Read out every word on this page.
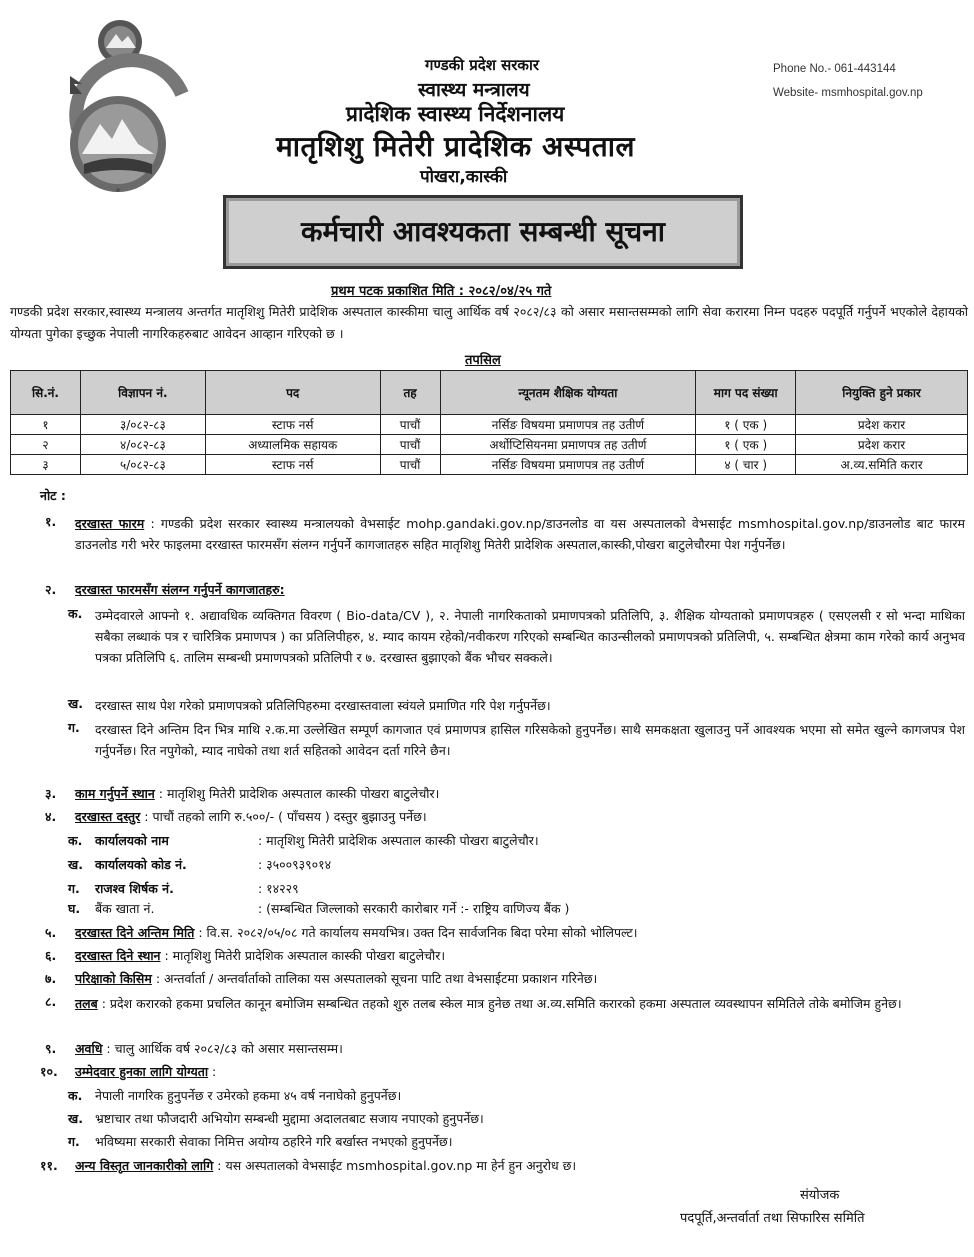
गण्डकी प्रदेश सरकार
स्वास्थ्य मन्त्रालय
प्रादेशिक स्वास्थ्य निर्देशनालय
मातृशिशु मितेरी प्रादेशिक अस्पताल
पोखरा,कास्की
Phone No.- 061-443144
Website- msmhospital.gov.np
कर्मचारी आवश्यकता सम्बन्धी सूचना
प्रथम पटक प्रकाशित मिति : २०८२/०४/२५ गते
गण्डकी प्रदेश सरकार,स्वास्थ्य मन्त्रालय अन्तर्गत मातृशिशु मितेरी प्रादेशिक अस्पताल कास्कीमा चालु आर्थिक वर्ष २०८२/८३ को असार मसान्तसम्मको लागि सेवा करारमा निम्न पदहरु पदपूर्ति गर्नुपर्ने भएकोले देहायको योग्यता पुगेका इच्छुक नेपाली नागरिकहरुबाट आवेदन आव्हान गरिएको छ ।
तपसिल
सि.नं.	विज्ञापन नं.	पद	तह	न्यूनतम शैक्षिक योग्यता	माग पद संख्या	नियुक्ति हुने प्रकार
१	३/०८२-८३	स्टाफ नर्स	पाचौं	नर्सिङ विषयमा प्रमाणपत्र तह उतीर्ण	१ ( एक )	प्रदेश करार
२	४/०८२-८३	अध्यालमिक सहायक	पाचौं	अर्थोप्टिसियनमा प्रमाणपत्र तह उतीर्ण	१ ( एक )	प्रदेश करार
३	५/०८२-८३	स्टाफ नर्स	पाचौं	नर्सिङ विषयमा प्रमाणपत्र तह उतीर्ण	४ ( चार )	अ.व्य.समिति करार
नोट :
१. दरखास्त फारम : गण्डकी प्रदेश सरकार स्वास्थ्य मन्त्रालयको वेभसाईट mohp.gandaki.gov.np/डाउनलोड वा यस अस्पतालको वेभसाईट msmhospital.gov.np/डाउनलोड बाट फारम डाउनलोड गरी भरेर फाइलमा दरखास्त फारमसँग संलग्न गर्नुपर्ने कागजातहरु सहित मातृशिशु मितेरी प्रादेशिक अस्पताल,कास्की,पोखरा बाटुलेचौरमा पेश गर्नुपर्नेछ।
२. दरखास्त फारमसँग संलग्न गर्नुपर्ने कागजातहरु:
क. उम्मेदवारले आफ्नो १. अद्यावधिक व्यक्तिगत विवरण ( Bio-data/CV ), २. नेपाली नागरिकताको प्रमाणपत्रको प्रतिलिपि, ३. शैक्षिक योग्यताको प्रमाणपत्रहरु ( एसएलसी र सो भन्दा माथिका सबैका लब्धाकं पत्र र चारित्रिक प्रमाणपत्र ) का प्रतिलिपीहरु, ४. म्याद कायम रहेको/नवीकरण गरिएको सम्बन्धित काउन्सीलको प्रमाणपत्रको प्रतिलिपी, ५. सम्बन्धित क्षेत्रमा काम गरेको कार्य अनुभव पत्रका प्रतिलिपि ६. तालिम सम्बन्धी प्रमाणपत्रको प्रतिलिपी र ७. दरखास्त बुझाएको बैंक भौचर सक्कले।
ख. दरखास्त साथ पेश गरेको प्रमाणपत्रको प्रतिलिपिहरुमा दरखास्तवाला स्वंयले प्रमाणित गरि पेश गर्नुपर्नेछ।
ग. दरखास्त दिने अन्तिम दिन भित्र माथि २.क.मा उल्लेखित सम्पूर्ण कागजात एवं प्रमाणपत्र हासिल गरिसकेको हुनुपर्नेछ। साथै समकक्षता खुलाउनु पर्ने आवश्यक भएमा सो समेत खुल्ने कागजपत्र पेश गर्नुपर्नेछ। रित नपुगेको, म्याद नाघेको तथा शर्त सहितको आवेदन दर्ता गरिने छैन।
३. काम गर्नुपर्ने स्थान : मातृशिशु मितेरी प्रादेशिक अस्पताल कास्की पोखरा बाटुलेचौर।
४. दरखास्त दस्तुर : पाचौं तहको लागि रु.५००/- ( पाँचसय ) दस्तुर बुझाउनु पर्नेछ।
क. कार्यालयको नाम	: मातृशिशु मितेरी प्रादेशिक अस्पताल कास्की पोखरा बाटुलेचौर।
ख. कार्यालयको कोड नं.	: ३५००९३९०१४
ग. राजश्व शिर्षक नं.	: १४२२९
घ. बैंक खाता नं.	: (सम्बन्धित जिल्लाको सरकारी कारोबार गर्ने :- राष्ट्रिय वाणिज्य बैंक )
५. दरखास्त दिने अन्तिम मिति : वि.स. २०८२/०५/०८ गते कार्यालय समयभित्र। उक्त दिन सार्वजनिक बिदा परेमा सोको भोलिपल्ट।
६. दरखास्त दिने स्थान : मातृशिशु मितेरी प्रादेशिक अस्पताल कास्की पोखरा बाटुलेचौर।
७. परिक्षाको किसिम : अन्तर्वार्ता / अन्तर्वार्ताको तालिका यस अस्पतालको सूचना पाटि तथा वेभसाईटमा प्रकाशन गरिनेछ।
८. तलब : प्रदेश करारको हकमा प्रचलित कानून बमोजिम सम्बन्धित तहको शुरु तलब स्केल मात्र हुनेछ तथा अ.व्य.समिति करारको हकमा अस्पताल व्यवस्थापन समितिले तोके बमोजिम हुनेछ।
९. अवधि : चालु आर्थिक वर्ष २०८२/८३ को असार मसान्तसम्म।
१०. उम्मेदवार हुनका लागि योग्यता :
क. नेपाली नागरिक हुनुपर्नेछ र उमेरको हकमा ४५ वर्ष ननाघेको हुनुपर्नेछ।
ख. भ्रष्टाचार तथा फौजदारी अभियोग सम्बन्धी मुद्दामा अदालतबाट सजाय नपाएको हुनुपर्नेछ।
ग. भविष्यमा सरकारी सेवाका निमित्त अयोग्य ठहरिने गरि बर्खास्त नभएको हुनुपर्नेछ।
११. अन्य विस्तृत जानकारीको लागि : यस अस्पतालको वेभसाईट msmhospital.gov.np मा हेर्न हुन अनुरोध छ।
संयोजक
पदपूर्ति,अन्तर्वार्ता तथा सिफारिस समिति
